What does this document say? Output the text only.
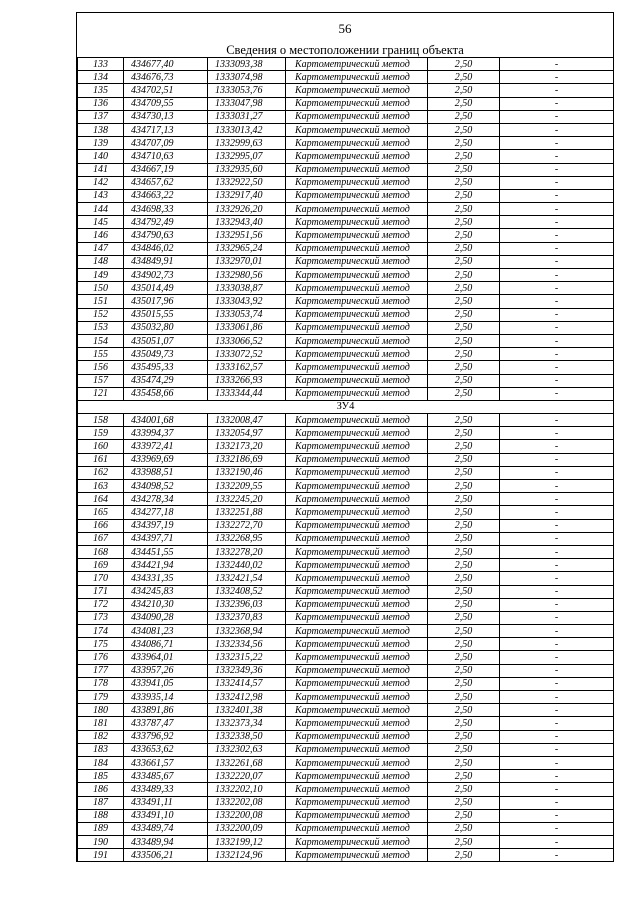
56
Сведения о местоположении границ объекта
133	434677,40	1333093,38	Картометрический метод	2,50	-
134	434676,73	1333074,98	Картометрический метод	2,50	-
135	434702,51	1333053,76	Картометрический метод	2,50	-
136	434709,55	1333047,98	Картометрический метод	2,50	-
137	434730,13	1333031,27	Картометрический метод	2,50	-
138	434717,13	1333013,42	Картометрический метод	2,50	-
139	434707,09	1332999,63	Картометрический метод	2,50	-
140	434710,63	1332995,07	Картометрический метод	2,50	-
141	434667,19	1332935,60	Картометрический метод	2,50	-
142	434657,62	1332922,50	Картометрический метод	2,50	-
143	434663,22	1332917,40	Картометрический метод	2,50	-
144	434698,33	1332926,20	Картометрический метод	2,50	-
145	434792,49	1332943,40	Картометрический метод	2,50	-
146	434790,63	1332951,56	Картометрический метод	2,50	-
147	434846,02	1332965,24	Картометрический метод	2,50	-
148	434849,91	1332970,01	Картометрический метод	2,50	-
149	434902,73	1332980,56	Картометрический метод	2,50	-
150	435014,49	1333038,87	Картометрический метод	2,50	-
151	435017,96	1333043,92	Картометрический метод	2,50	-
152	435015,55	1333053,74	Картометрический метод	2,50	-
153	435032,80	1333061,86	Картометрический метод	2,50	-
154	435051,07	1333066,52	Картометрический метод	2,50	-
155	435049,73	1333072,52	Картометрический метод	2,50	-
156	435495,33	1333162,57	Картометрический метод	2,50	-
157	435474,29	1333266,93	Картометрический метод	2,50	-
121	435458,66	1333344,44	Картометрический метод	2,50	-
ЗУ4					
158	434001,68	1332008,47	Картометрический метод	2,50	-
159	433994,37	1332054,97	Картометрический метод	2,50	-
160	433972,41	1332173,20	Картометрический метод	2,50	-
161	433969,69	1332186,69	Картометрический метод	2,50	-
162	433988,51	1332190,46	Картометрический метод	2,50	-
163	434098,52	1332209,55	Картометрический метод	2,50	-
164	434278,34	1332245,20	Картометрический метод	2,50	-
165	434277,18	1332251,88	Картометрический метод	2,50	-
166	434397,19	1332272,70	Картометрический метод	2,50	-
167	434397,71	1332268,95	Картометрический метод	2,50	-
168	434451,55	1332278,20	Картометрический метод	2,50	-
169	434421,94	1332440,02	Картометрический метод	2,50	-
170	434331,35	1332421,54	Картометрический метод	2,50	-
171	434245,83	1332408,52	Картометрический метод	2,50	-
172	434210,30	1332396,03	Картометрический метод	2,50	-
173	434090,28	1332370,83	Картометрический метод	2,50	-
174	434081,23	1332368,94	Картометрический метод	2,50	-
175	434086,71	1332334,56	Картометрический метод	2,50	-
176	433964,01	1332315,22	Картометрический метод	2,50	-
177	433957,26	1332349,36	Картометрический метод	2,50	-
178	433941,05	1332414,57	Картометрический метод	2,50	-
179	433935,14	1332412,98	Картометрический метод	2,50	-
180	433891,86	1332401,38	Картометрический метод	2,50	-
181	433787,47	1332373,34	Картометрический метод	2,50	-
182	433796,92	1332338,50	Картометрический метод	2,50	-
183	433653,62	1332302,63	Картометрический метод	2,50	-
184	433661,57	1332261,68	Картометрический метод	2,50	-
185	433485,67	1332220,07	Картометрический метод	2,50	-
186	433489,33	1332202,10	Картометрический метод	2,50	-
187	433491,11	1332202,08	Картометрический метод	2,50	-
188	433491,10	1332200,08	Картометрический метод	2,50	-
189	433489,74	1332200,09	Картометрический метод	2,50	-
190	433489,94	1332199,12	Картометрический метод	2,50	-
191	433506,21	1332124,96	Картометрический метод	2,50	-
